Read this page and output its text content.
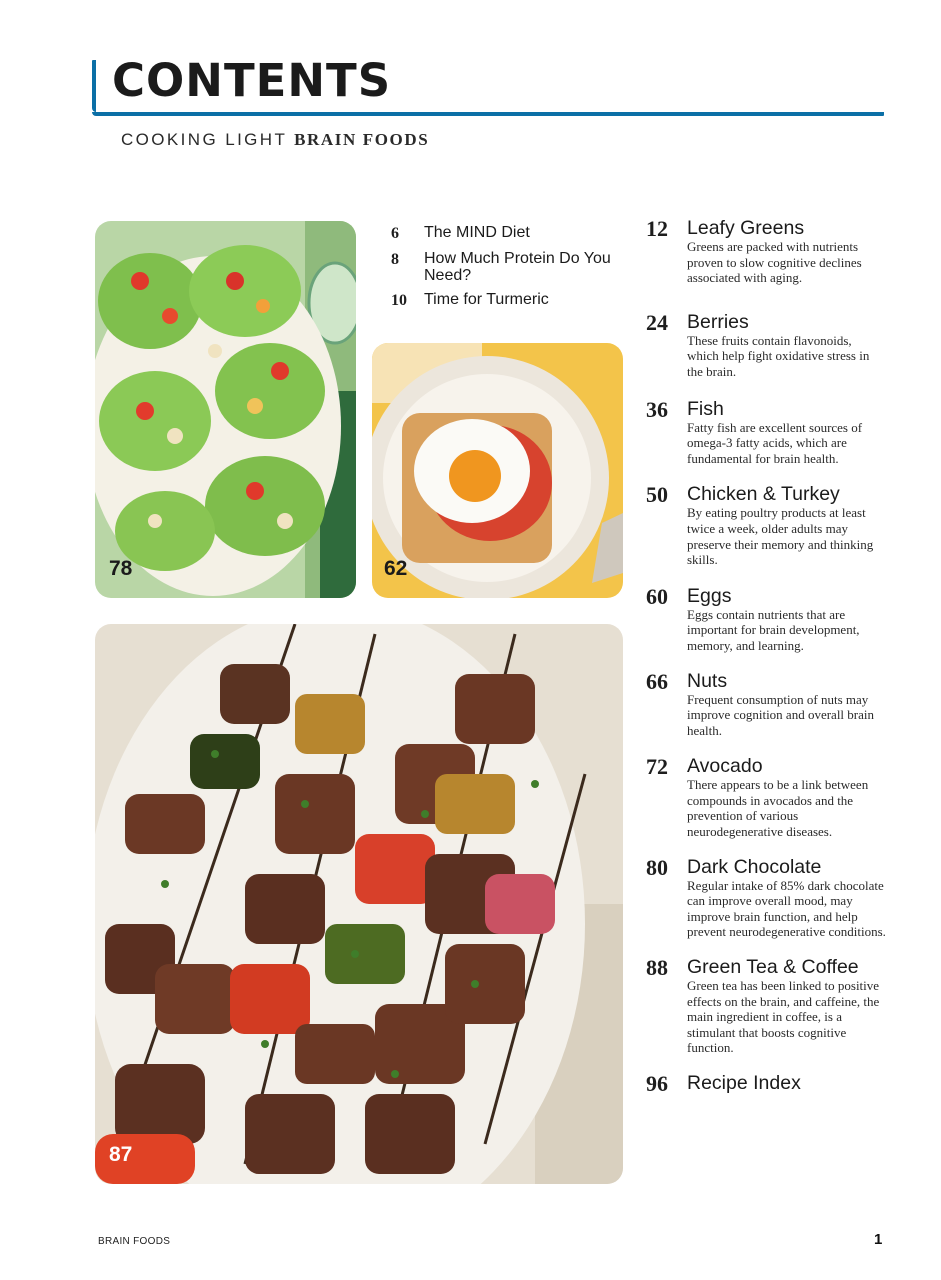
CONTENTS
COOKING LIGHT BRAIN FOODS
78	62
87
6	The MIND Diet
8	How Much Protein Do You Need?
10	Time for Turmeric
12 Leafy Greens
Greens are packed with nutrients proven to slow cognitive declines associated with aging.
24 Berries
These fruits contain flavonoids, which help fight oxidative stress in the brain.
36 Fish
Fatty fish are excellent sources of omega-3 fatty acids, which are fundamental for brain health.
50 Chicken & Turkey
By eating poultry products at least twice a week, older adults may preserve their memory and thinking skills.
60 Eggs
Eggs contain nutrients that are important for brain development, memory, and learning.
66 Nuts
Frequent consumption of nuts may improve cognition and overall brain health.
72 Avocado
There appears to be a link between compounds in avocados and the prevention of various neurodegenerative diseases.
80 Dark Chocolate
Regular intake of 85% dark chocolate can improve overall mood, may improve brain function, and help prevent neurodegenerative conditions.
88 Green Tea & Coffee
Green tea has been linked to positive effects on the brain, and caffeine, the main ingredient in coffee, is a stimulant that boosts cognitive function.
96 Recipe Index
BRAIN FOODS	1
